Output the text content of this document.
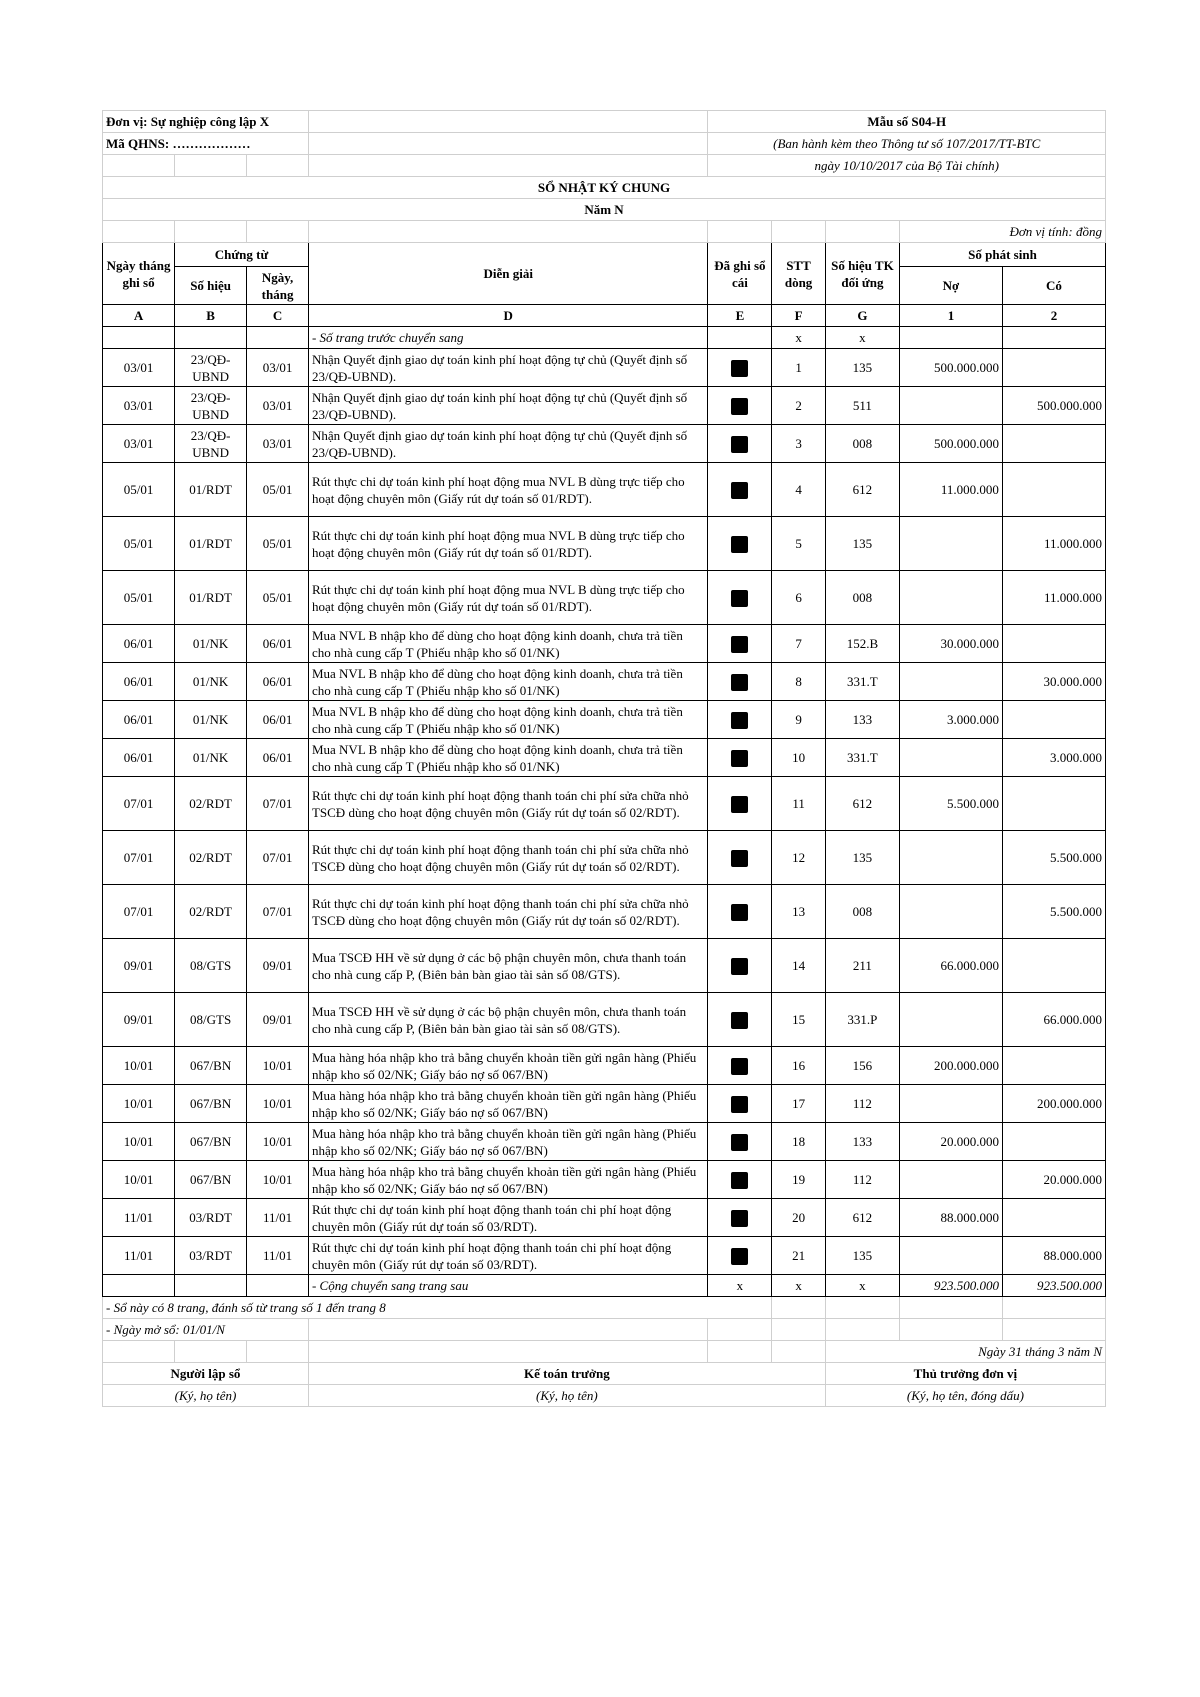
Đơn vị: Sự nghiệp công lập X				Mẫu số S04-H				
Mã QHNS: ………………				(Ban hành kèm theo Thông tư số 107/2017/TT-BTC				
				ngày 10/10/2017 của Bộ Tài chính)				
SỔ NHẬT KÝ CHUNG								
Năm N								
							Đơn vị tính: đồng	
Ngày tháng ghi sổ	Chứng từ		Diễn giải	Đã ghi sổ cái	STT dòng	Số hiệu TK đối ứng	Số phát sinh	
	Số hiệu	Ngày, tháng					Nợ	Có
A	B	C	D	E	F	G	1	2
			- Số trang trước chuyển sang		x	x		
03/01	23/QĐ-UBND	03/01	Nhận Quyết định giao dự toán kinh phí hoạt động tự chủ (Quyết định số 23/QĐ-UBND).		1	135	500.000.000	
03/01	23/QĐ-UBND	03/01	Nhận Quyết định giao dự toán kinh phí hoạt động tự chủ (Quyết định số 23/QĐ-UBND).		2	511		500.000.000
03/01	23/QĐ-UBND	03/01	Nhận Quyết định giao dự toán kinh phí hoạt động tự chủ (Quyết định số 23/QĐ-UBND).		3	008	500.000.000	
05/01	01/RDT	05/01	Rút thực chi dự toán kinh phí hoạt động mua NVL B dùng trực tiếp cho hoạt động chuyên môn (Giấy rút dự toán số 01/RDT).		4	612	11.000.000	
05/01	01/RDT	05/01	Rút thực chi dự toán kinh phí hoạt động mua NVL B dùng trực tiếp cho hoạt động chuyên môn (Giấy rút dự toán số 01/RDT).		5	135		11.000.000
05/01	01/RDT	05/01	Rút thực chi dự toán kinh phí hoạt động mua NVL B dùng trực tiếp cho hoạt động chuyên môn (Giấy rút dự toán số 01/RDT).		6	008		11.000.000
06/01	01/NK	06/01	Mua NVL B nhập kho để dùng cho hoạt động kinh doanh, chưa trả tiền cho nhà cung cấp T (Phiếu nhập kho số 01/NK)		7	152.B	30.000.000	
06/01	01/NK	06/01	Mua NVL B nhập kho để dùng cho hoạt động kinh doanh, chưa trả tiền cho nhà cung cấp T (Phiếu nhập kho số 01/NK)		8	331.T		30.000.000
06/01	01/NK	06/01	Mua NVL B nhập kho để dùng cho hoạt động kinh doanh, chưa trả tiền cho nhà cung cấp T (Phiếu nhập kho số 01/NK)		9	133	3.000.000	
06/01	01/NK	06/01	Mua NVL B nhập kho để dùng cho hoạt động kinh doanh, chưa trả tiền cho nhà cung cấp T (Phiếu nhập kho số 01/NK)		10	331.T		3.000.000
07/01	02/RDT	07/01	Rút thực chi dự toán kinh phí hoạt động thanh toán chi phí sửa chữa nhỏ TSCĐ dùng cho hoạt động chuyên môn (Giấy rút dự toán số 02/RDT).		11	612	5.500.000	
07/01	02/RDT	07/01	Rút thực chi dự toán kinh phí hoạt động thanh toán chi phí sửa chữa nhỏ TSCĐ dùng cho hoạt động chuyên môn (Giấy rút dự toán số 02/RDT).		12	135		5.500.000
07/01	02/RDT	07/01	Rút thực chi dự toán kinh phí hoạt động thanh toán chi phí sửa chữa nhỏ TSCĐ dùng cho hoạt động chuyên môn (Giấy rút dự toán số 02/RDT).		13	008		5.500.000
09/01	08/GTS	09/01	Mua TSCĐ HH về sử dụng ở các bộ phận chuyên môn, chưa thanh toán cho nhà cung cấp P, (Biên bản bàn giao tài sản số 08/GTS).		14	211	66.000.000	
09/01	08/GTS	09/01	Mua TSCĐ HH về sử dụng ở các bộ phận chuyên môn, chưa thanh toán cho nhà cung cấp P, (Biên bản bàn giao tài sản số 08/GTS).		15	331.P		66.000.000
10/01	067/BN	10/01	Mua hàng hóa nhập kho trả bằng chuyển khoản tiền gửi ngân hàng (Phiếu nhập kho số 02/NK; Giấy báo nợ số 067/BN)		16	156	200.000.000	
10/01	067/BN	10/01	Mua hàng hóa nhập kho trả bằng chuyển khoản tiền gửi ngân hàng (Phiếu nhập kho số 02/NK; Giấy báo nợ số 067/BN)		17	112		200.000.000
10/01	067/BN	10/01	Mua hàng hóa nhập kho trả bằng chuyển khoản tiền gửi ngân hàng (Phiếu nhập kho số 02/NK; Giấy báo nợ số 067/BN)		18	133	20.000.000	
10/01	067/BN	10/01	Mua hàng hóa nhập kho trả bằng chuyển khoản tiền gửi ngân hàng (Phiếu nhập kho số 02/NK; Giấy báo nợ số 067/BN)		19	112		20.000.000
11/01	03/RDT	11/01	Rút thực chi dự toán kinh phí hoạt động thanh toán chi phí hoạt động chuyên môn (Giấy rút dự toán số 03/RDT).		20	612	88.000.000	
11/01	03/RDT	11/01	Rút thực chi dự toán kinh phí hoạt động thanh toán chi phí hoạt động chuyên môn (Giấy rút dự toán số 03/RDT).		21	135		88.000.000
			- Cộng chuyển sang trang sau	x	x	x	923.500.000	923.500.000
- Sổ này có 8 trang, đánh số từ trang số 1 đến trang 8								
- Ngày mở sổ: 01/01/N								
						Ngày 31 tháng 3 năm N		
Người lập sổ			Kế toán trưởng			Thủ trưởng đơn vị		
(Ký, họ tên)			(Ký, họ tên)			(Ký, họ tên, đóng dấu)		
